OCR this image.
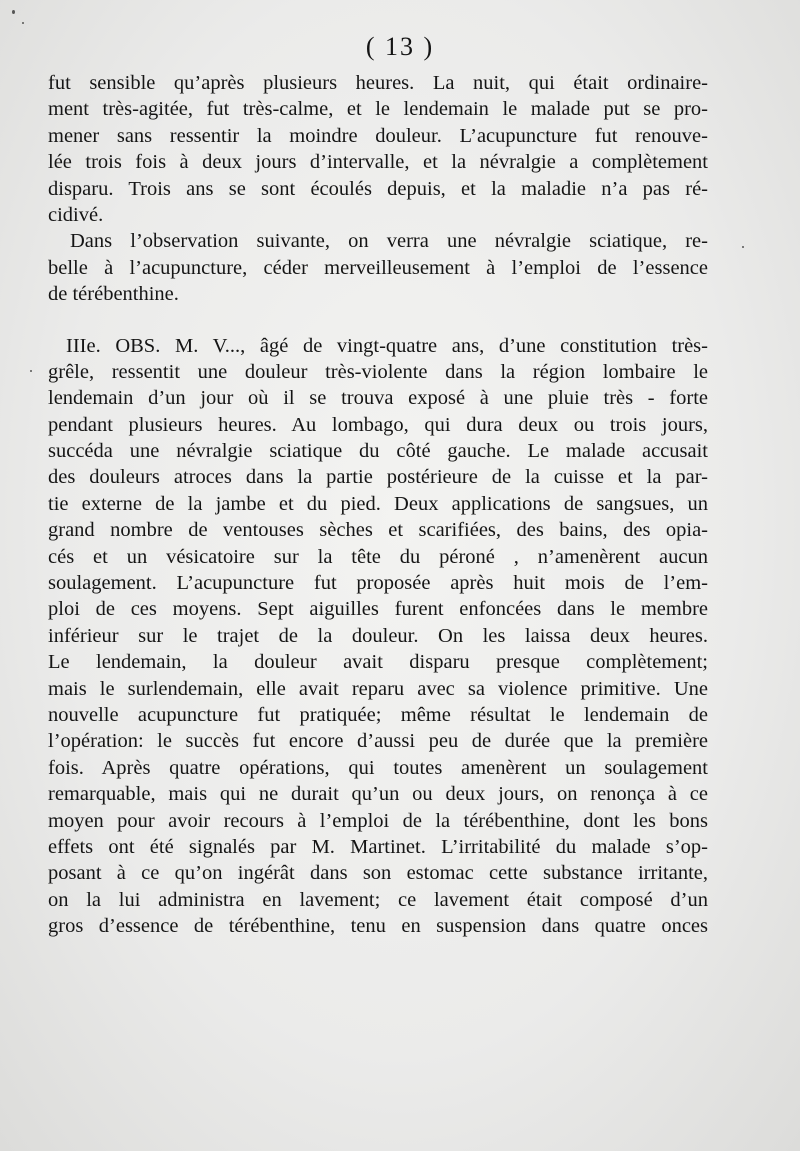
( 13 )
fut sensible qu’après plusieurs heures. La nuit, qui était ordinaire-
ment très-agitée, fut très-calme, et le lendemain le malade put se pro-
mener sans ressentir la moindre douleur. L’acupuncture fut renouve-
lée trois fois à deux jours d’intervalle, et la névralgie a complètement
disparu. Trois ans se sont écoulés depuis, et la maladie n’a pas ré-
cidivé.
Dans l’observation suivante, on verra une névralgie sciatique, re-
belle à l’acupuncture, céder merveilleusement à l’emploi de l’essence
de térébenthine.
IIIe. OBS. M. V..., âgé de vingt-quatre ans, d’une constitution très-
grêle, ressentit une douleur très-violente dans la région lombaire le
lendemain d’un jour où il se trouva exposé à une pluie très - forte
pendant plusieurs heures. Au lombago, qui dura deux ou trois jours,
succéda une névralgie sciatique du côté gauche. Le malade accusait
des douleurs atroces dans la partie postérieure de la cuisse et la par-
tie externe de la jambe et du pied. Deux applications de sangsues, un
grand nombre de ventouses sèches et scarifiées, des bains, des opia-
cés et un vésicatoire sur la tête du péroné , n’amenèrent aucun
soulagement. L’acupuncture fut proposée après huit mois de l’em-
ploi de ces moyens. Sept aiguilles furent enfoncées dans le membre
inférieur sur le trajet de la douleur. On les laissa deux heures.
Le lendemain, la douleur avait disparu presque complètement;
mais le surlendemain, elle avait reparu avec sa violence primitive. Une
nouvelle acupuncture fut pratiquée; même résultat le lendemain de
l’opération: le succès fut encore d’aussi peu de durée que la première
fois. Après quatre opérations, qui toutes amenèrent un soulagement
remarquable, mais qui ne durait qu’un ou deux jours, on renonça à ce
moyen pour avoir recours à l’emploi de la térébenthine, dont les bons
effets ont été signalés par M. Martinet. L’irritabilité du malade s’op-
posant à ce qu’on ingérât dans son estomac cette substance irritante,
on la lui administra en lavement; ce lavement était composé d’un
gros d’essence de térébenthine, tenu en suspension dans quatre onces
